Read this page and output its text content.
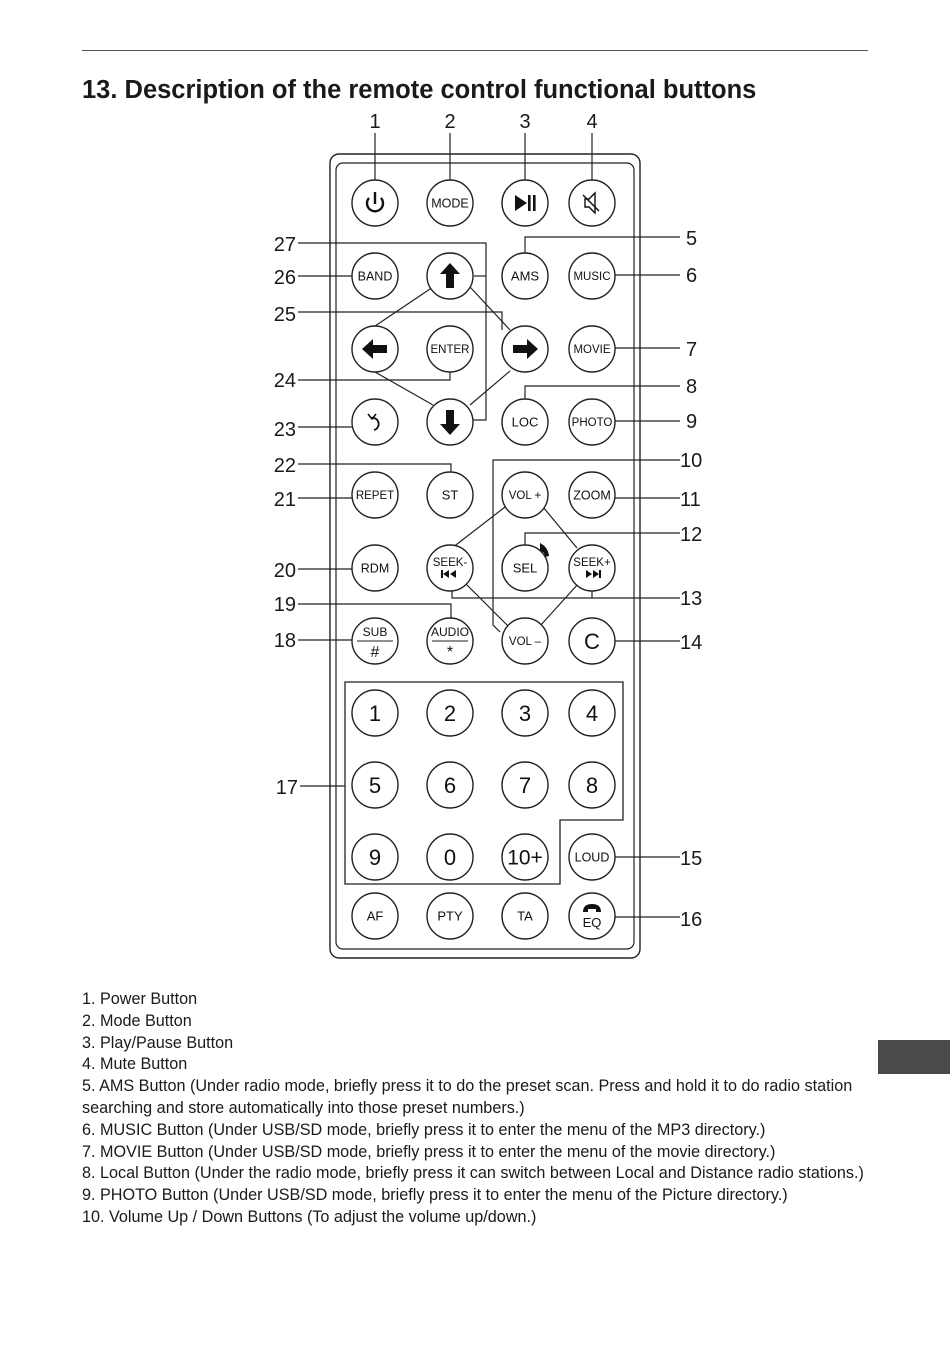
13. Description of the remote control functional buttons
MODE
BAND	AMS	MUSIC
ENTER	MOVIE
LOC	PHOTO
REPET	ST	VOL +	ZOOM
RDM	SEEK-	SEL	SEEK+
SUB
#
AUDIO
*
VOL – C
1	2	3 4
5	6	7 8
9	0 10+	LOUD
AF	PTY	TA	EQ
1	2	3	4
5
6
7
8
9
10
11
12
13
14
15
16
17
18
19
20
21
22
23
24
25
26
27
1. Power Button
2. Mode Button
3. Play/Pause Button
4. Mute Button
5. AMS Button (Under radio mode, briefly press it to do the preset scan. Press and hold it to do radio station searching and store automatically into those preset numbers.)
6. MUSIC Button (Under USB/SD mode, briefly press it to enter the menu of the MP3 directory.)
7. MOVIE Button (Under USB/SD mode, briefly press it to enter the menu of the movie directory.)
8. Local Button (Under the radio mode, briefly press it can switch between Local and Distance radio stations.)
9. PHOTO Button (Under USB/SD mode, briefly press it to enter the menu of the Picture directory.)
10. Volume Up / Down Buttons (To adjust the volume up/down.)
